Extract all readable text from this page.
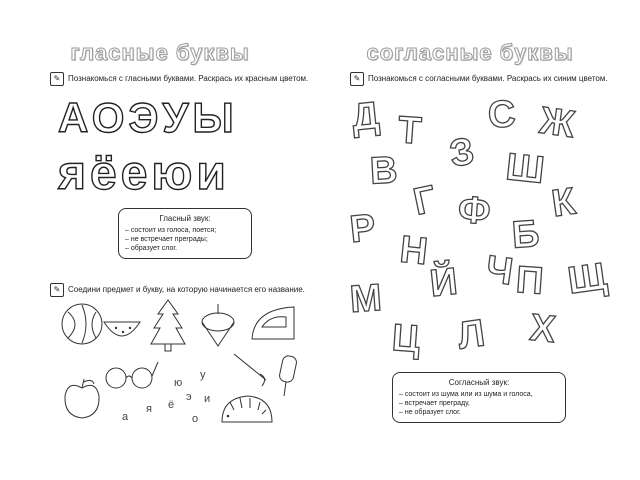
гласные буквы
✎ Познакомься с гласными буквами. Раскрась их красным цветом.
АОЭУЫ
яёеюи
Гласный звук:
– состоит из голоса, поется;
– не встречает преграды;
– образует слог.
✎ Соедини предмет и букву, на которую начинается его название.
ю
у
э и
а
я ё
о
согласные буквы
✎ Познакомься с согласными буквами. Раскрась их синим цветом.
Д Т С Ж
З
В	Ш
Г Ф К
Р Н Б
Ч
Й П Щ
М
Л Х
Ц
Согласный звук:
– состоит из шума или из шума и голоса,
– встречает преграду,
– не образует слог.
